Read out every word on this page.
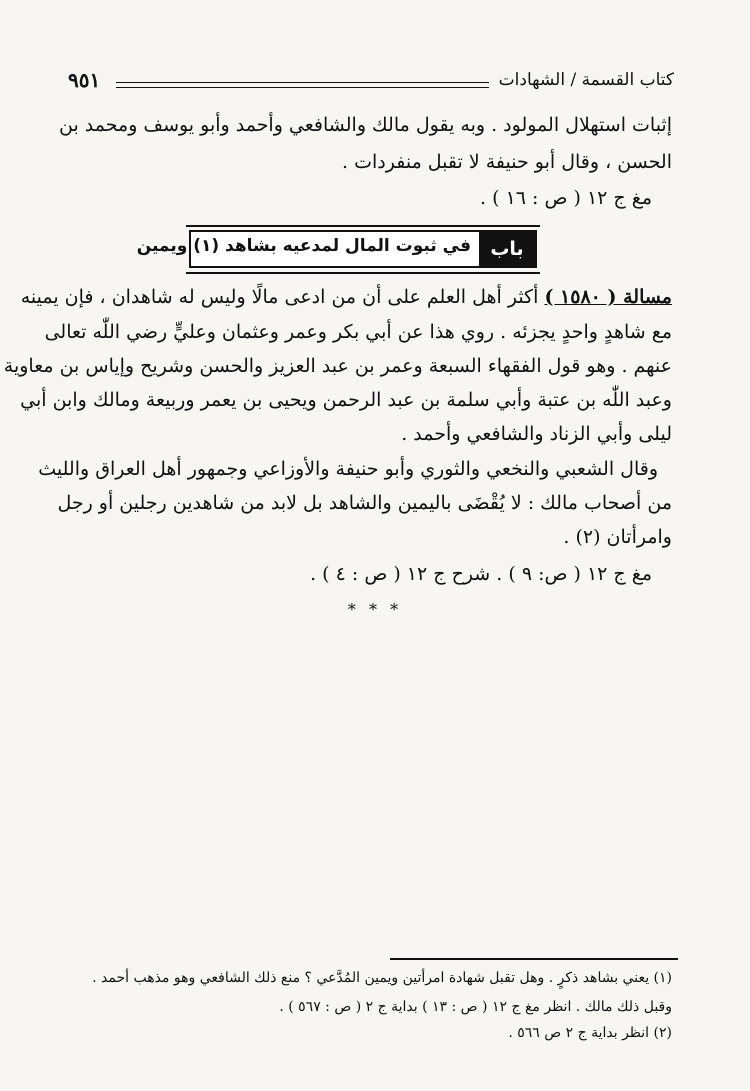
كتاب القسمة / الشهادات
٩٥١
إثبات استهلال المولود . وبه يقول مالك والشافعي وأحمد وأبو يوسف ومحمد بن
الحسن ، وقال أبو حنيفة لا تقبل منفردات .
مغ ج ١٢ ( ص : ١٦ ) .
باب
في ثبوت المال لمدعيه بشاهد (١) ويمين
مسالة ( ١٥٨٠ ) أكثر أهل العلم على أن من ادعى مالًا وليس له شاهدان ، فإن يمينه
مع شاهدٍ واحدٍ يجزئه . روي هذا عن أبي بكر وعمر وعثمان وعليٍّ رضي اللّٰه تعالى
عنهم . وهو قول الفقهاء السبعة وعمر بن عبد العزيز والحسن وشريح وإياس بن معاوية
وعبد اللّٰه بن عتبة وأبي سلمة بن عبد الرحمن ويحيى بن يعمر وربيعة ومالك وابن أبي
ليلى وأبي الزناد والشافعي وأحمد .
وقال الشعبي والنخعي والثوري وأبو حنيفة والأوزاعي وجمهور أهل العراق والليث
من أصحاب مالك : لا يُقْضَى باليمين والشاهد بل لابد من شاهدين رجلين أو رجل
وامرأتان (٢) .
مغ ج ١٢ ( ص: ٩ ) . شرح ج ١٢ ( ص : ٤ ) .
* * *
(١) يعني بشاهد ذكرٍ . وهل تقبل شهادة امرأتين ويمين المُدَّعي ؟ منع ذلك الشافعي وهو مذهب أحمد .
وقبل ذلك مالك . انظر مغ ج ١٢ ( ص : ١٣ ) بداية ج ٢ ( ص : ٥٦٧ ) .
(٢) انظر بداية ج ٢ ص ٥٦٦ .
